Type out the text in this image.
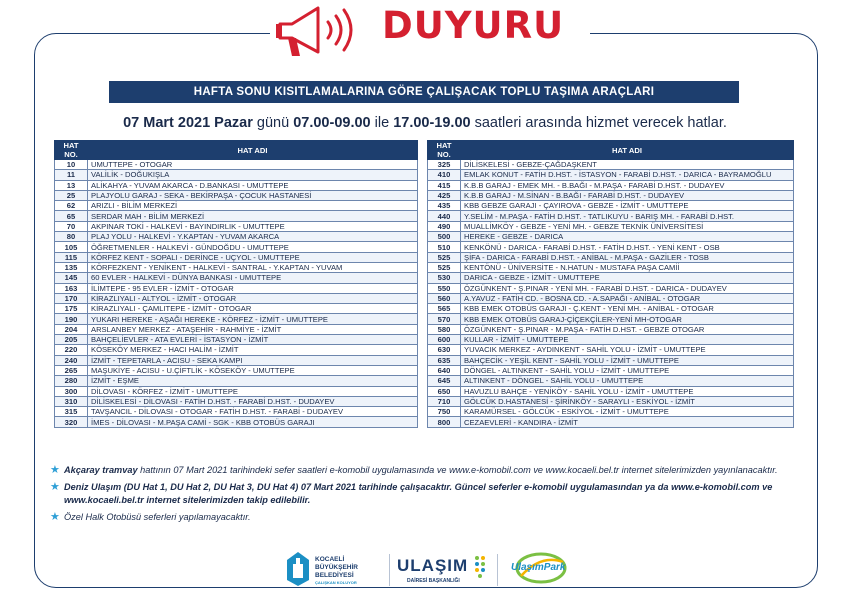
DUYURU
HAFTA SONU KISITLAMALARINA GÖRE ÇALIŞACAK TOPLU TAŞIMA ARAÇLARI
07 Mart 2021 Pazar günü 07.00-09.00 ile 17.00-19.00 saatleri arasında hizmet verecek hatlar.
HAT NO.	HAT ADI
10	UMUTTEPE - OTOGAR
11	VALİLİK - DOĞUKIŞLA
13	ALİKAHYA - YUVAM AKARCA - D.BANKASI - UMUTTEPE
25	PLAJYOLU GARAJ - SEKA - BEKİRPAŞA - ÇOCUK HASTANESİ
62	ARIZLI - BİLİM MERKEZİ
65	SERDAR MAH - BİLİM MERKEZİ
70	AKPINAR TOKİ - HALKEVİ - BAYINDIRLIK - UMUTTEPE
80	PLAJ YOLU - HALKEVİ - Y.KAPTAN - YUVAM AKARCA
105	ÖĞRETMENLER - HALKEVİ - GÜNDOĞDU - UMUTTEPE
115	KÖRFEZ KENT - SOPALI - DERİNCE - UÇYOL - UMUTTEPE
135	KÖRFEZKENT - YENİKENT - HALKEVİ - SANTRAL - Y.KAPTAN - YUVAM
145	60 EVLER - HALKEVİ - DÜNYA BANKASI - UMUTTEPE
163	İLİMTEPE - 95 EVLER - İZMİT - OTOGAR
170	KİRAZLIYALI - ALTYOL - İZMİT - OTOGAR
175	KİRAZLIYALI - ÇAMLITEPE - İZMİT - OTOGAR
190	YUKARI HEREKE - AŞAĞI HEREKE - KÖRFEZ - İZMİT - UMUTTEPE
204	ARSLANBEY MERKEZ - ATAŞEHİR - RAHMİYE - İZMİT
205	BAHÇELİEVLER - ATA EVLERİ - İSTASYON - İZMİT
220	KÖSEKÖY MERKEZ - HACI HALİM - İZMİT
240	İZMİT - TEPETARLA - ACISU - SEKA KAMPI
265	MAŞUKİYE - ACISU - U.ÇİFTLİK - KÖSEKÖY - UMUTTEPE
280	İZMİT - EŞME
300	DİLOVASI - KÖRFEZ - İZMİT - UMUTTEPE
310	DİLİSKELESİ - DİLOVASI - FATİH D.HST. - FARABİ D.HST. - DUDAYEV
315	TAVŞANCIL - DİLOVASI - OTOGAR - FATİH D.HST. - FARABİ - DUDAYEV
320	İMES - DİLOVASI - M.PAŞA CAMİ - SGK - KBB OTOBÜS GARAJI
HAT NO.	HAT ADI
325	DİLİSKELESİ - GEBZE-ÇAĞDAŞKENT
410	EMLAK KONUT - FATİH D.HST. - İSTASYON - FARABİ D.HST. - DARICA - BAYRAMOĞLU
415	K.B.B GARAJ - EMEK MH. - B.BAĞI - M.PAŞA - FARABİ D.HST. - DUDAYEV
425	K.B.B GARAJ - M.SİNAN - B.BAĞI - FARABİ D.HST. - DUDAYEV
435	KBB GEBZE GARAJI - ÇAYIROVA - GEBZE - İZMİT - UMUTTEPE
440	Y.SELİM - M.PAŞA - FATİH D.HST. - TATLIKUYU - BARIŞ MH. - FARABİ D.HST.
490	MUALLİMKÖY - GEBZE - YENİ MH. - GEBZE TEKNİK ÜNİVERSİTESİ
500	HEREKE - GEBZE - DARICA
510	KENKÖNÜ - DARICA - FARABİ D.HST. - FATİH D.HST. - YENİ KENT - OSB
525	ŞİFA - DARICA - FARABİ D.HST. - ANİBAL - M.PAŞA - GAZİLER - TOSB
525	KENTÖNÜ - ÜNİVERSİTE - N.HATUN - MUSTAFA PAŞA CAMİİ
530	DARICA - GEBZE - İZMİT - UMUTTEPE
550	ÖZGÜNKENT - Ş.PINAR - YENİ MH. - FARABİ D.HST. - DARICA - DUDAYEV
560	A.YAVUZ - FATİH CD. - BOSNA CD. - A.SAPAĞI - ANİBAL - OTOGAR
565	KBB EMEK OTOBÜS GARAJI - Ç.KENT - YENİ MH. - ANİBAL - OTOGAR
570	KBB EMEK OTOBÜS GARAJ-ÇİÇEKÇİLER-YENİ MH-OTOGAR
580	ÖZGÜNKENT - Ş.PINAR - M.PAŞA - FATİH D.HST. - GEBZE OTOGAR
600	KULLAR - İZMİT - UMUTTEPE
630	YUVACIK MERKEZ - AYDINKENT - SAHİL YOLU - İZMİT - UMUTTEPE
635	BAHÇECİK - YEŞİL KENT - SAHİL YOLU - İZMİT - UMUTTEPE
640	DÖNGEL - ALTINKENT - SAHİL YOLU - İZMİT - UMUTTEPE
645	ALTINKENT - DÖNGEL - SAHİL YOLU - UMUTTEPE
650	HAVUZLU BAHÇE - YENİKÖY - SAHİL YOLU - İZMİT - UMUTTEPE
710	GÖLCÜK D.HASTANESİ - ŞİRİNKÖY - SARAYLI - ESKİYOL - İZMİT
750	KARAMÜRSEL - GÖLCÜK - ESKİYOL - İZMİT - UMUTTEPE
800	CEZAEVLERİ - KANDIRA - İZMİT
★ Akçaray tramvay hattının 07 Mart 2021 tarihindeki sefer saatleri e-komobil uygulamasında ve www.e-komobil.com ve www.kocaeli.bel.tr internet sitelerimizden yayınlanacaktır.
★ Deniz Ulaşım (DU Hat 1, DU Hat 2, DU Hat 3, DU Hat 4) 07 Mart 2021 tarihinde çalışacaktır. Güncel seferler e-komobil uygulamasından ya da www.e-komobil.com ve www.kocaeli.bel.tr internet sitelerimizden takip edilebilir.
★ Özel Halk Otobüsü seferleri yapılamayacaktır.
KOCAELİ
BÜYÜKŞEHİR
BELEDİYESİ
ÇALIŞKAN KOLUYOR
ULAŞIM
DAİRESİ BAŞKANLIĞI
UlaşımPark
